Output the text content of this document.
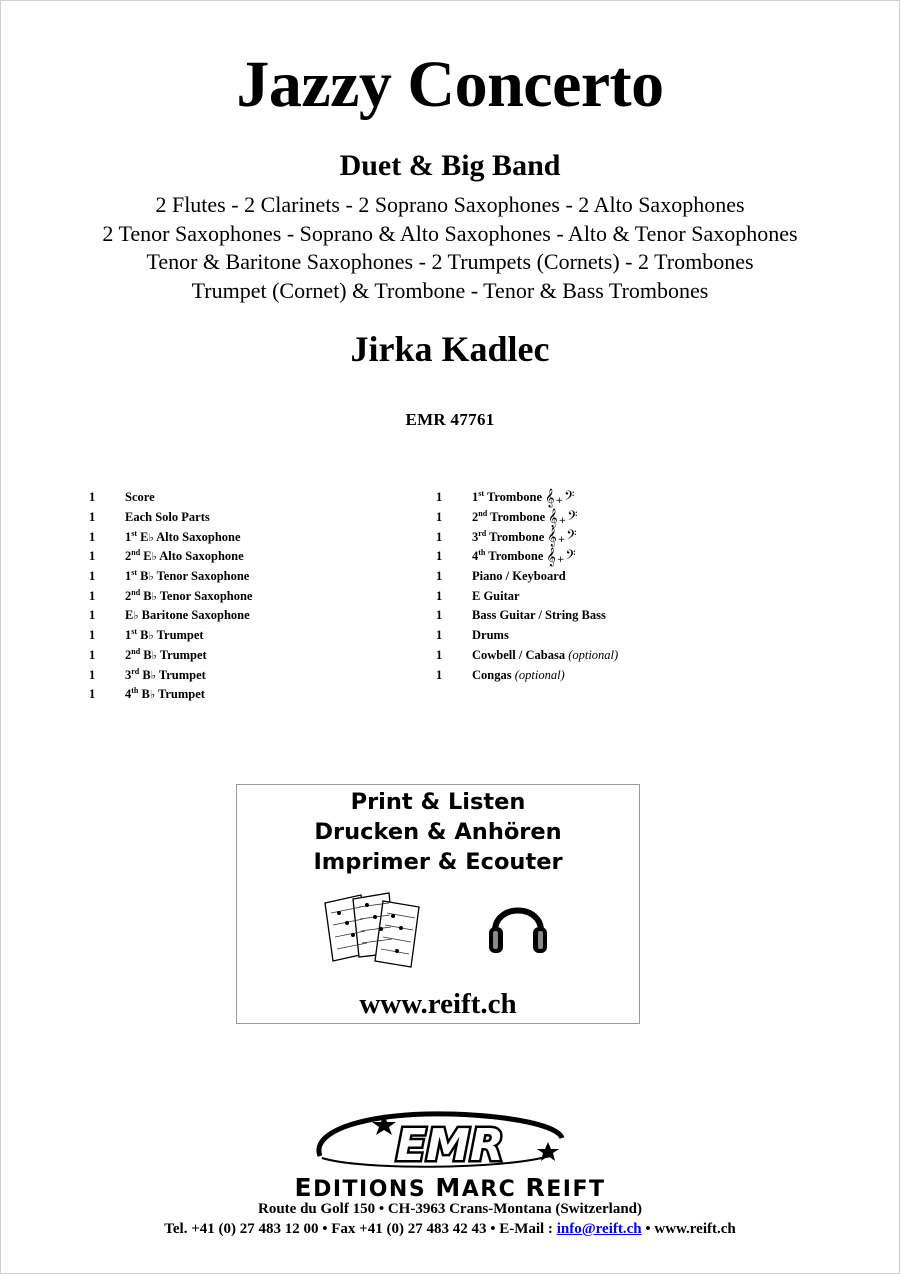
Jazzy Concerto
Duet & Big Band
2 Flutes - 2 Clarinets - 2 Soprano Saxophones - 2 Alto Saxophones
2 Tenor Saxophones - Soprano & Alto Saxophones - Alto & Tenor Saxophones
Tenor & Baritone Saxophones - 2 Trumpets (Cornets) - 2 Trombones
Trumpet (Cornet) & Trombone - Tenor & Bass Trombones
Jirka Kadlec
EMR 47761
1	Score
1	Each Solo Parts
1	1st E♭ Alto Saxophone
1	2nd E♭ Alto Saxophone
1	1st B♭ Tenor Saxophone
1	2nd B♭ Tenor Saxophone
1	E♭ Baritone Saxophone
1	1st B♭ Trumpet
1	2nd B♭ Trumpet
1	3rd B♭ Trumpet
1	4th B♭ Trumpet
1	1st Trombone 𝄞+𝄢
1	2nd Trombone 𝄞+𝄢
1	3rd Trombone 𝄞+𝄢
1	4th Trombone 𝄞+𝄢
1	Piano / Keyboard
1	E Guitar
1	Bass Guitar / String Bass
1	Drums
1	Cowbell / Cabasa (optional)
1	Congas (optional)
Print & Listen
Drucken & Anhören
Imprimer & Ecouter
www.reift.ch
EMR
EDITIONS MARC REIFT
Route du Golf 150 • CH-3963 Crans-Montana (Switzerland)
Tel. +41 (0) 27 483 12 00 • Fax +41 (0) 27 483 42 43 • E-Mail : info@reift.ch • www.reift.ch
